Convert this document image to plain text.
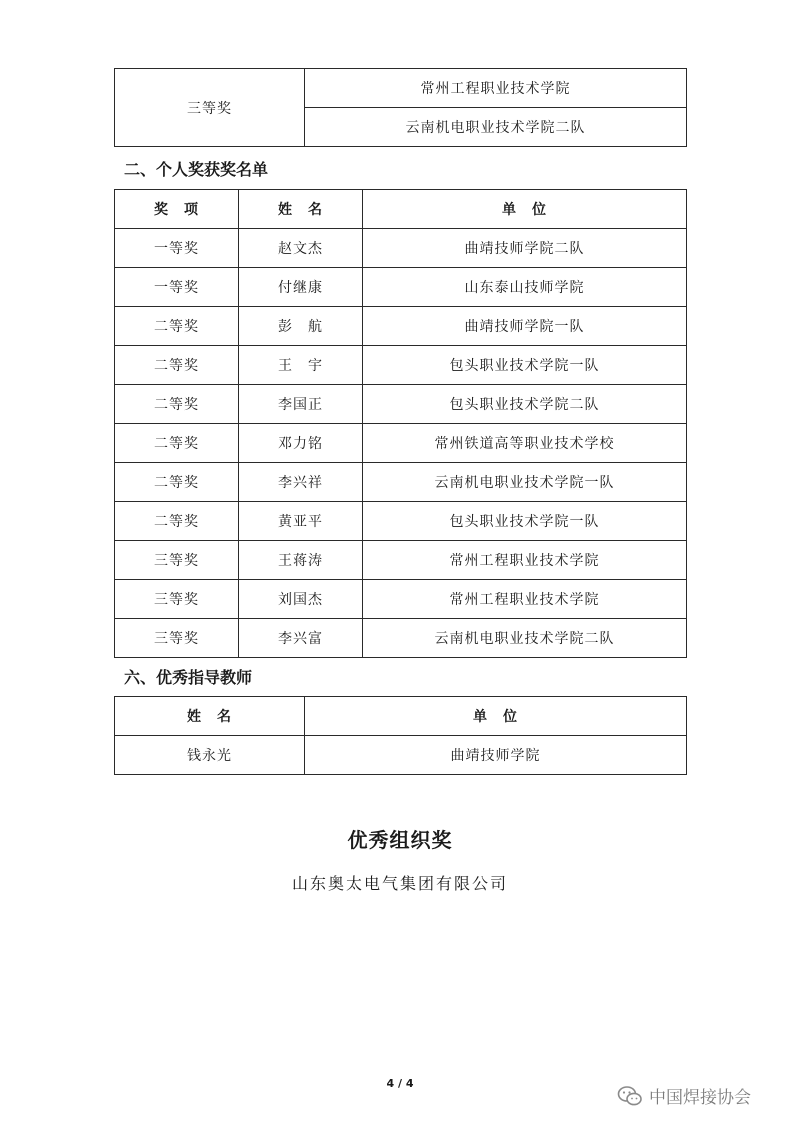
三等奖	常州工程职业技术学院
云南机电职业技术学院二队
二、个人奖获奖名单
奖　项	姓　名	单　位
一等奖	赵文杰	曲靖技师学院二队
一等奖	付继康	山东泰山技师学院
二等奖	彭　航	曲靖技师学院一队
二等奖	王　宇	包头职业技术学院一队
二等奖	李国正	包头职业技术学院二队
二等奖	邓力铭	常州铁道高等职业技术学校
二等奖	李兴祥	云南机电职业技术学院一队
二等奖	黄亚平	包头职业技术学院一队
三等奖	王蒋涛	常州工程职业技术学院
三等奖	刘国杰	常州工程职业技术学院
三等奖	李兴富	云南机电职业技术学院二队
六、优秀指导教师
姓　名	单　位
钱永光	曲靖技师学院
优秀组织奖
山东奥太电气集团有限公司
4 / 4
中国焊接协会
